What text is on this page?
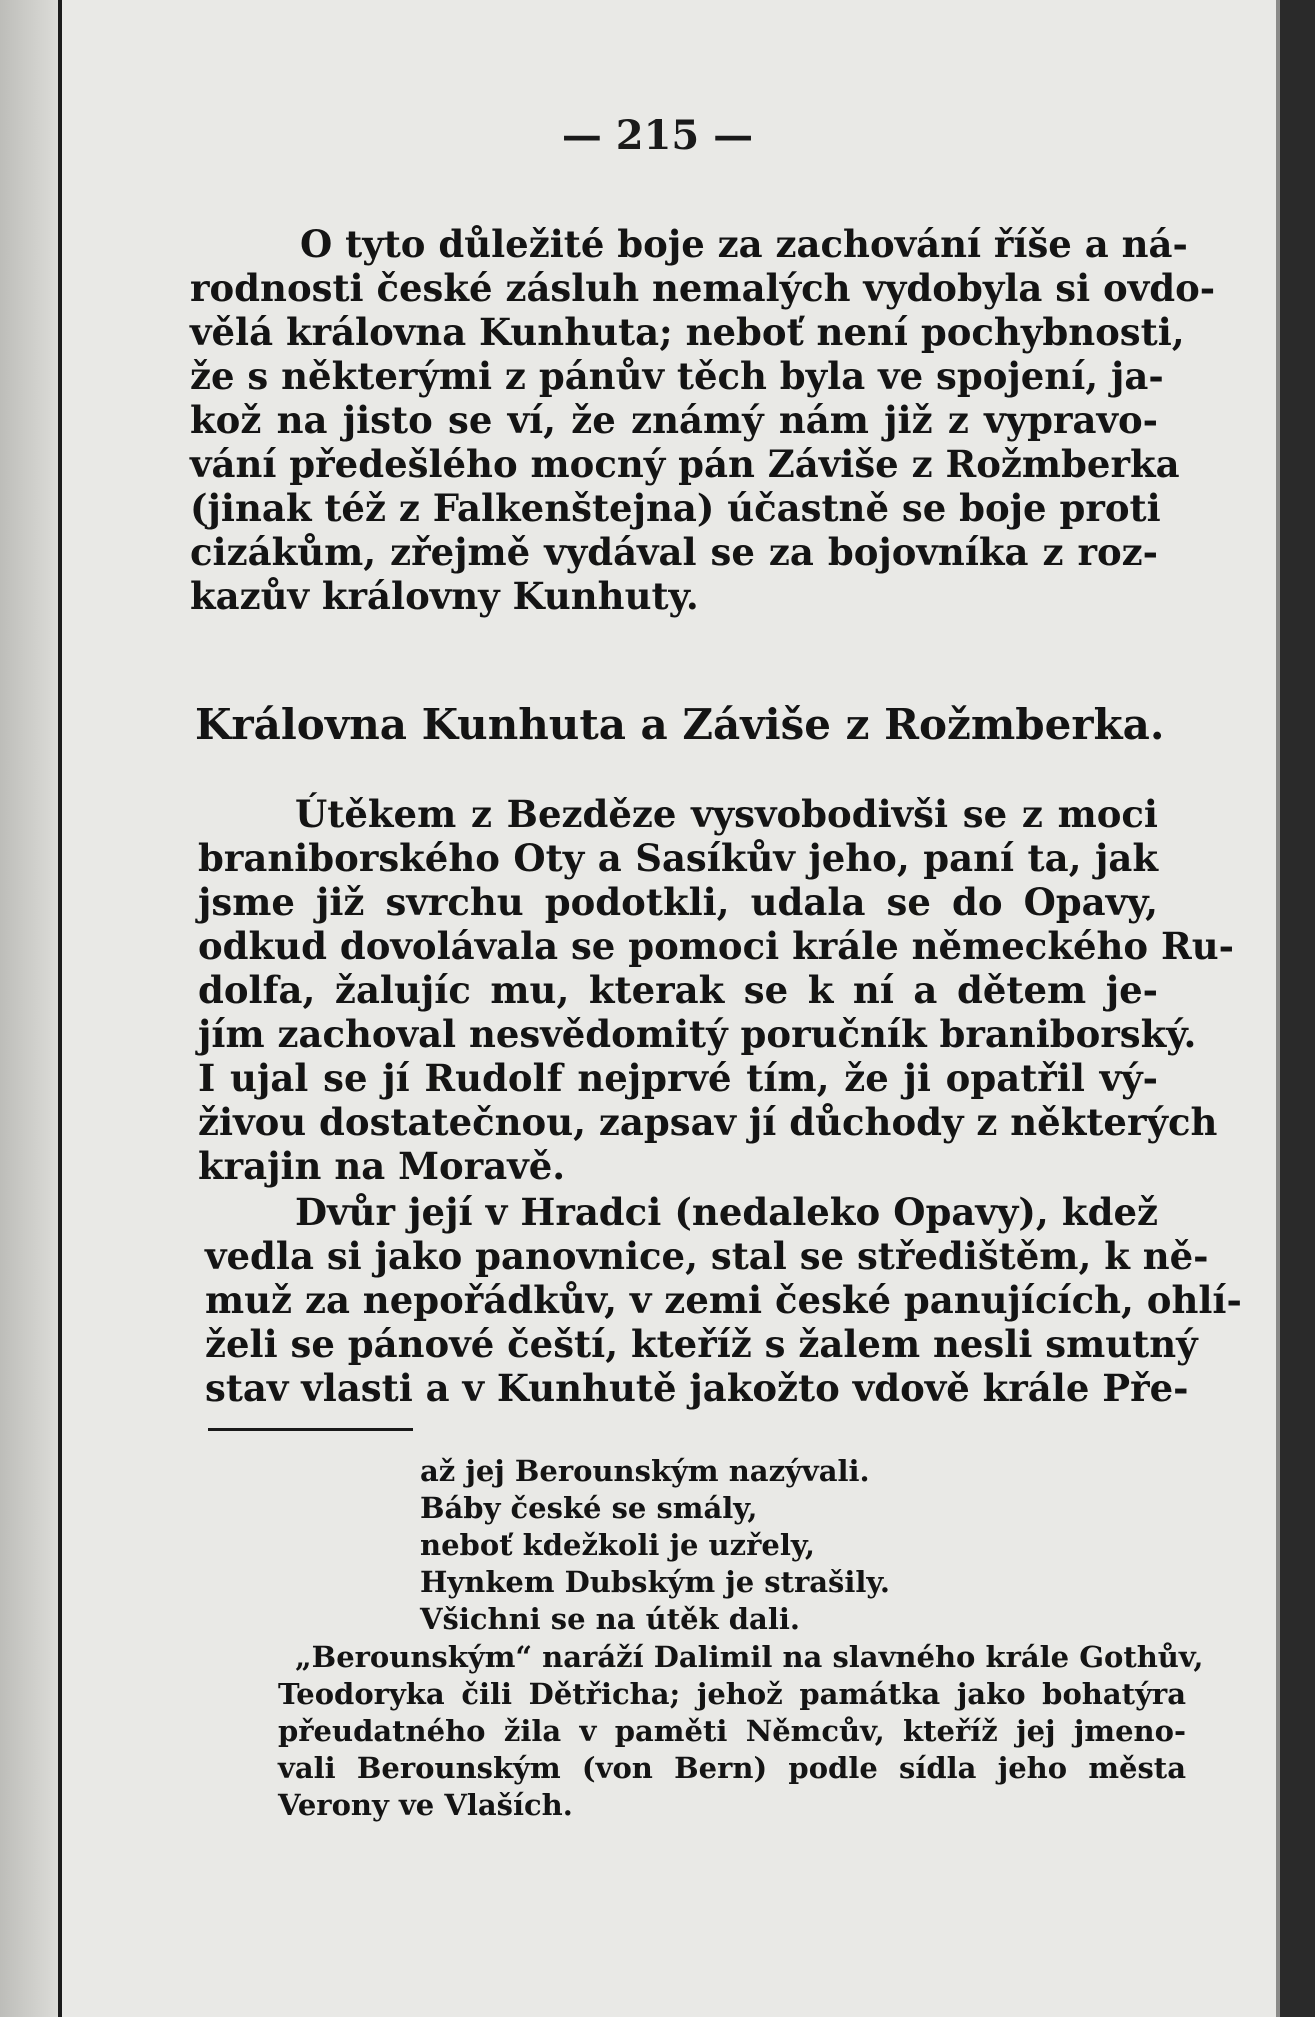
— 215 —
O tyto důležité boje za zachování říše a ná-
rodnosti české zásluh nemalých vydobyla si ovdo-
vělá královna Kunhuta; neboť není pochybnosti,
že s některými z pánův těch byla ve spojení, ja-
kož na jisto se ví, že známý nám již z vypravo-
vání předešlého mocný pán Záviše z Rožmberka
(jinak též z Falkenštejna) účastně se boje proti
cizákům, zřejmě vydával se za bojovníka z roz-
kazův královny Kunhuty.
Královna Kunhuta a Záviše z Rožmberka.
Útěkem z Bezděze vysvobodivši se z moci
braniborského Oty a Sasíkův jeho, paní ta, jak
jsme již svrchu podotkli, udala se do Opavy,
odkud dovolávala se pomoci krále německého Ru-
dolfa, žalujíc mu, kterak se k ní a dětem je-
jím zachoval nesvědomitý poručník braniborský.
I ujal se jí Rudolf nejprvé tím, že ji opatřil vý-
živou dostatečnou, zapsav jí důchody z některých
krajin na Moravě.
Dvůr její v Hradci (nedaleko Opavy), kdež
vedla si jako panovnice, stal se středištěm, k ně-
muž za nepořádkův, v zemi české panujících, ohlí-
želi se pánové čeští, kteříž s žalem nesli smutný
stav vlasti a v Kunhutě jakožto vdově krále Pře-
až jej Berounským nazývali.
Báby české se smály,
neboť kdežkoli je uzřely,
Hynkem Dubským je strašily.
Všichni se na útěk dali.
„Berounským“ naráží Dalimil na slavného krále Gothův,
Teodoryka čili Dětřicha; jehož památka jako bohatýra
přeudatného žila v paměti Němcův, kteříž jej jmeno-
vali Berounským (von Bern) podle sídla jeho města
Verony ve Vlaších.
